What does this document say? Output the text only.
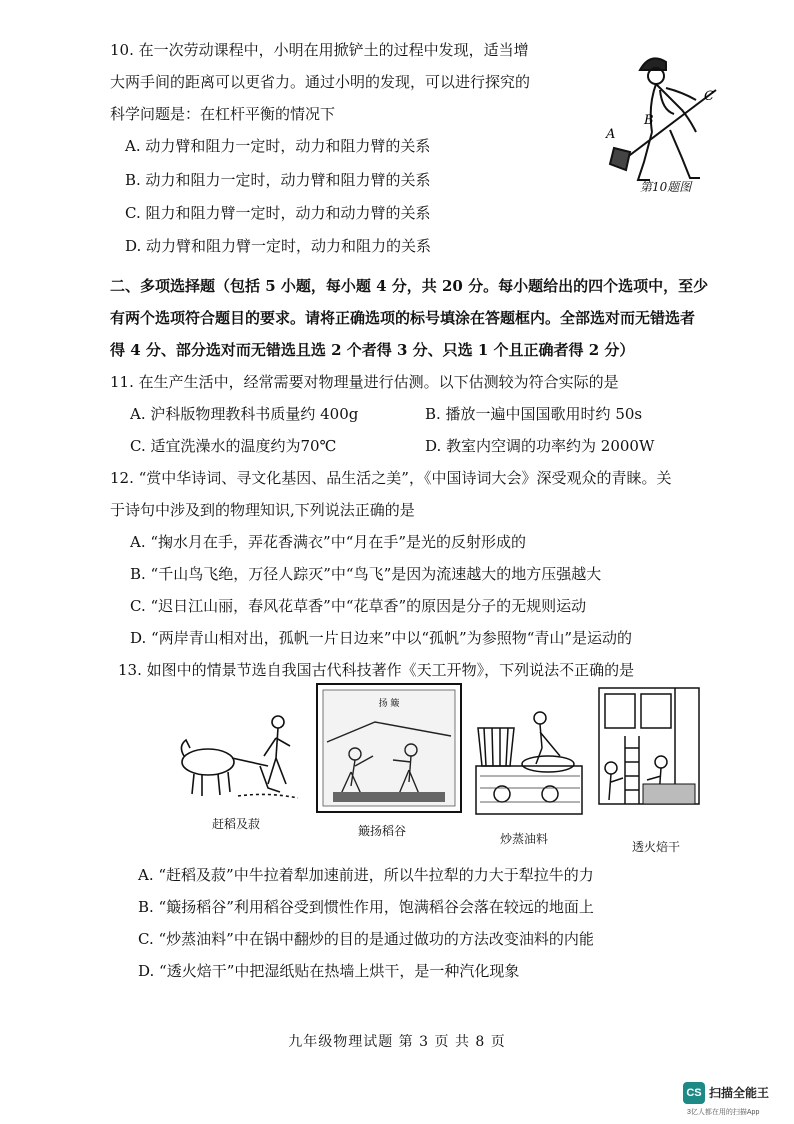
10. 在一次劳动课程中，小明在用掀铲土的过程中发现，适当增
大两手间的距离可以更省力。通过小明的发现，可以进行探究的
科学问题是：在杠杆平衡的情况下
A. 动力臂和阻力一定时，动力和阻力臂的关系
B. 动力和阻力一定时，动力臂和阻力臂的关系
C. 阻力和阻力臂一定时，动力和动力臂的关系
D. 动力臂和阻力臂一定时，动力和阻力的关系
A
B
C
第10题图
二、多项选择题（包括 5 小题，每小题 4 分，共 20 分。每小题给出的四个选项中，至少
有两个选项符合题目的要求。请将正确选项的标号填涂在答题框内。全部选对而无错选者
得 4 分、部分选对而无错选且选 2 个者得 3 分、只选 1 个且正确者得 2 分）
11. 在生产生活中，经常需要对物理量进行估测。以下估测较为符合实际的是
A. 沪科版物理教科书质量约 400g	B. 播放一遍中国国歌用时约 50s
C. 适宜洗澡水的温度约为70℃	D. 教室内空调的功率约为 2000W
12. “赏中华诗词、寻文化基因、品生活之美”，《中国诗词大会》深受观众的青睐。关
于诗句中涉及到的物理知识,下列说法正确的是
A. “掬水月在手，弄花香满衣”中“月在手”是光的反射形成的
B. “千山鸟飞绝，万径人踪灭”中“鸟飞”是因为流速越大的地方压强越大
C. “迟日江山丽，春风花草香”中“花草香”的原因是分子的无规则运动
D. “两岸青山相对出，孤帆一片日边来”中以“孤帆”为参照物“青山”是运动的
13. 如图中的情景节选自我国古代科技著作《天工开物》，下列说法不正确的是
赶稻及菽
扬 簸
簸扬稻谷
炒蒸油料
透火焙干
A. “赶稻及菽”中牛拉着犁加速前进，所以牛拉犁的力大于犁拉牛的力
B. “簸扬稻谷”利用稻谷受到惯性作用，饱满稻谷会落在较远的地面上
C. “炒蒸油料”中在锅中翻炒的目的是通过做功的方法改变油料的内能
D. “透火焙干”中把湿纸贴在热墙上烘干，是一种汽化现象
九年级物理试题 第 3 页 共 8 页
CS 扫描全能王
3亿人都在用的扫描App
